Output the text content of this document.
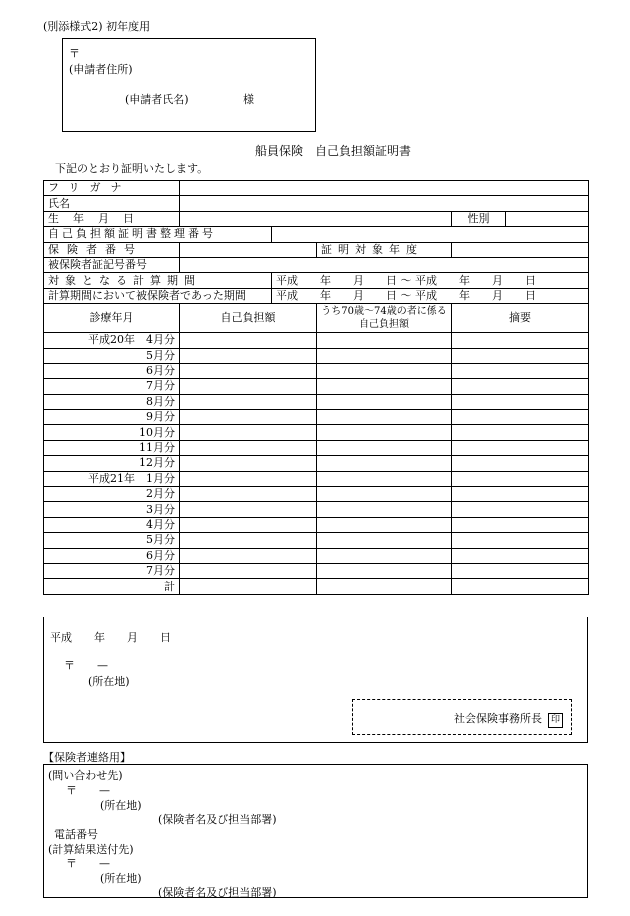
(別添様式2) 初年度用
〒
(申請者住所)
(申請者氏名)	様
船員保険　自己負担額証明書
下記のとおり証明いたします。
フリガナ					
氏名					
生年月日				性別	
自己負担額証明書整理番号					
保険者番号			証明対象年度		
被保険者証記号番号					
対象となる計算期間		平成　　年　　月　　日 〜 平成　　年　　月　　日			
計算期間において被保険者であった期間		平成　　年　　月　　日 〜 平成　　年　　月　　日			
診療年月	自己負担額		うち70歳〜74歳の者に係る自己負担額	摘要	
平成20年　4月分					
5月分					
6月分					
7月分					
8月分					
9月分					
10月分					
11月分					
12月分					
平成21年　1月分					
2月分					
3月分					
4月分					
5月分					
6月分					
7月分					
計					
平成　　年　　月　　日
〒　　—
(所在地)
社会保険事務所長 印
【保険者連絡用】
(問い合わせ先)
〒　　—
(所在地)
(保険者名及び担当部署)
電話番号
(計算結果送付先)
〒　　—
(所在地)
(保険者名及び担当部署)
